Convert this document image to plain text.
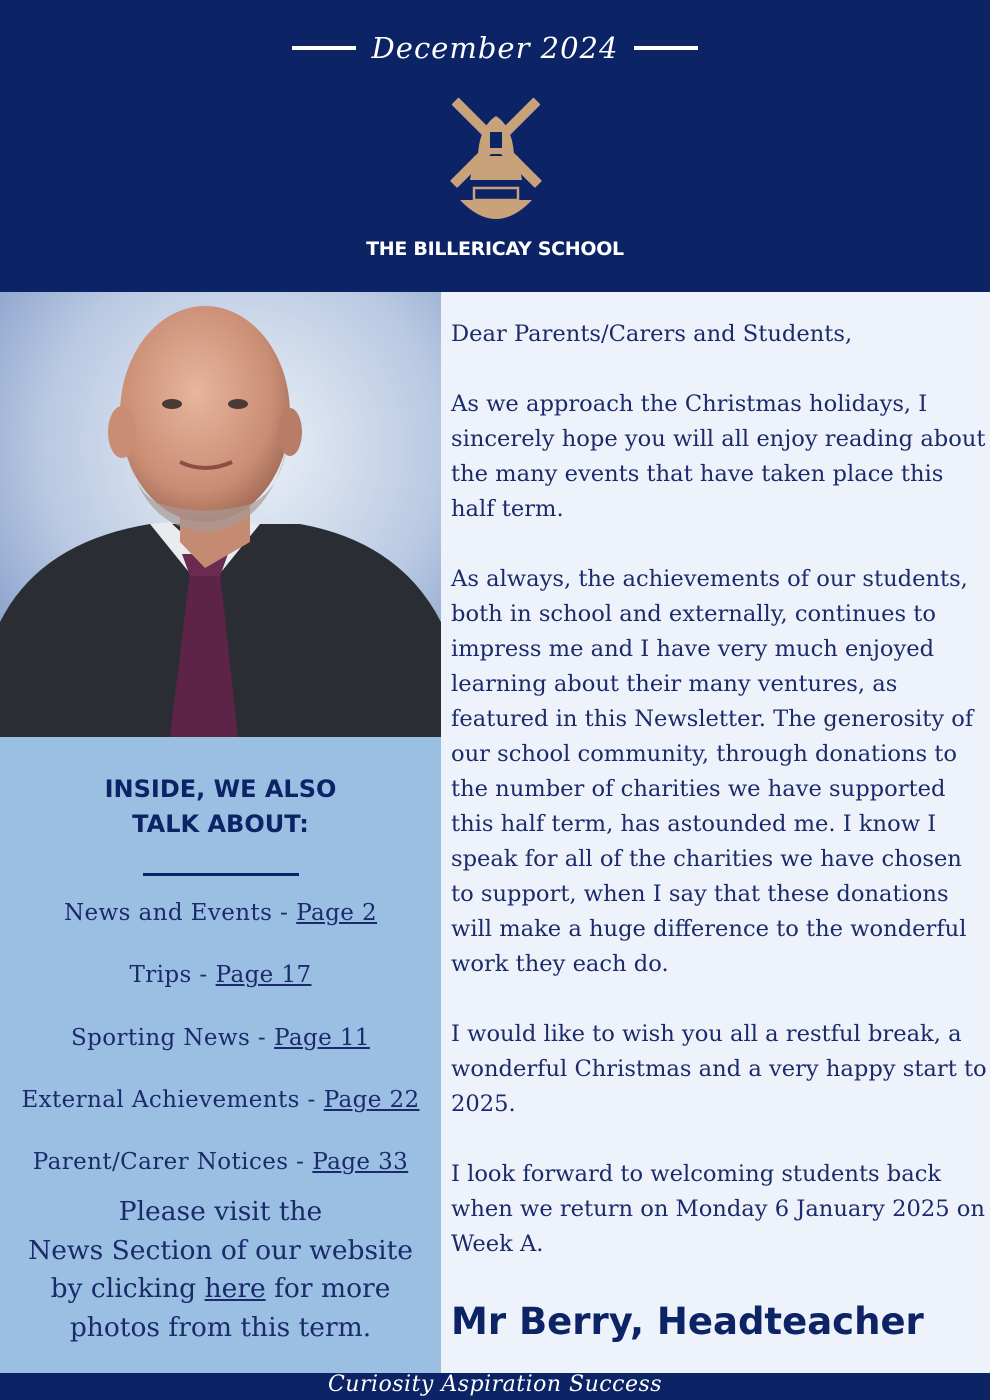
December 2024
THE BILLERICAY SCHOOL
INSIDE, WE ALSO
TALK ABOUT:
News and Events - Page 2
Trips - Page 17
Sporting News - Page 11
External Achievements - Page 22
Parent/Carer Notices - Page 33

Please visit the
News Section of our website
by clicking here for more
photos from this term.

Dear Parents/Carers and Students,

As we approach the Christmas holidays, I sincerely hope you will all enjoy reading about the many events that have taken place this half term.

As always, the achievements of our students, both in school and externally, continues to impress me and I have very much enjoyed learning about their many ventures, as featured in this Newsletter. The generosity of our school community, through donations to the number of charities we have supported this half term, has astounded me. I know I speak for all of the charities we have chosen to support, when I say that these donations will make a huge difference to the wonderful work they each do.

I would like to wish you all a restful break, a wonderful Christmas and a very happy start to 2025.

I look forward to welcoming students back when we return on Monday 6 January 2025 on Week A.

Mr Berry, Headteacher
Curiosity Aspiration Success
